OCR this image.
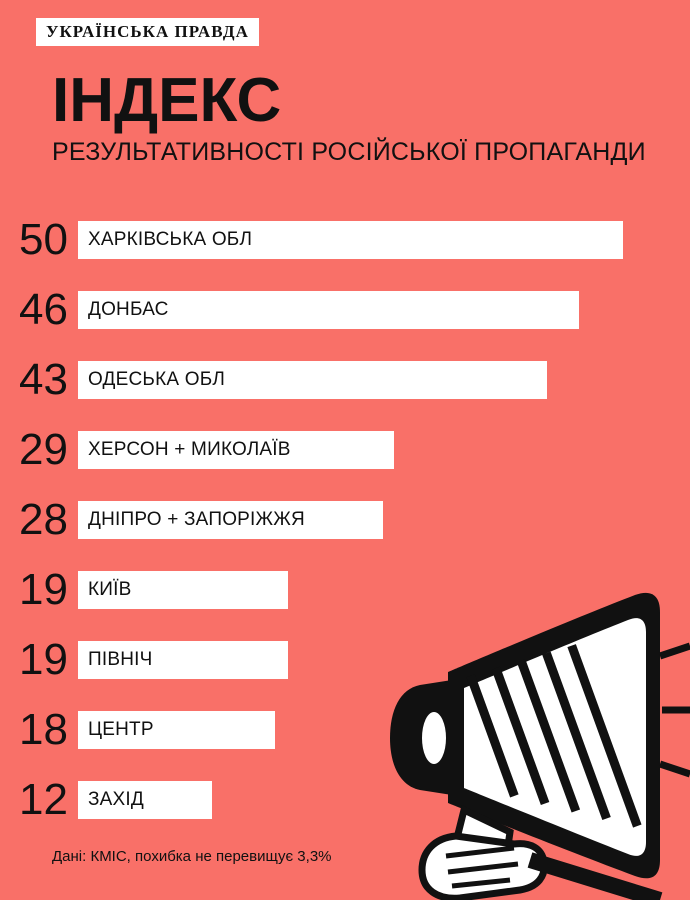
УКРАЇНСЬКА ПРАВДА
ІНДЕКС

РЕЗУЛЬТАТИВНОСТІ РОСІЙСЬКОЇ ПРОПАГАНДИ

50	ХАРКІВСЬКА ОБЛ
46	ДОНБАС
43	ОДЕСЬКА ОБЛ
29	ХЕРСОН + МИКОЛАЇВ
28	ДНІПРО + ЗАПОРІЖЖЯ
19	КИЇВ
19	ПІВНІЧ
18	ЦЕНТР
12	ЗАХІД
Дані: КМІС, похибка не перевищує 3,3%
